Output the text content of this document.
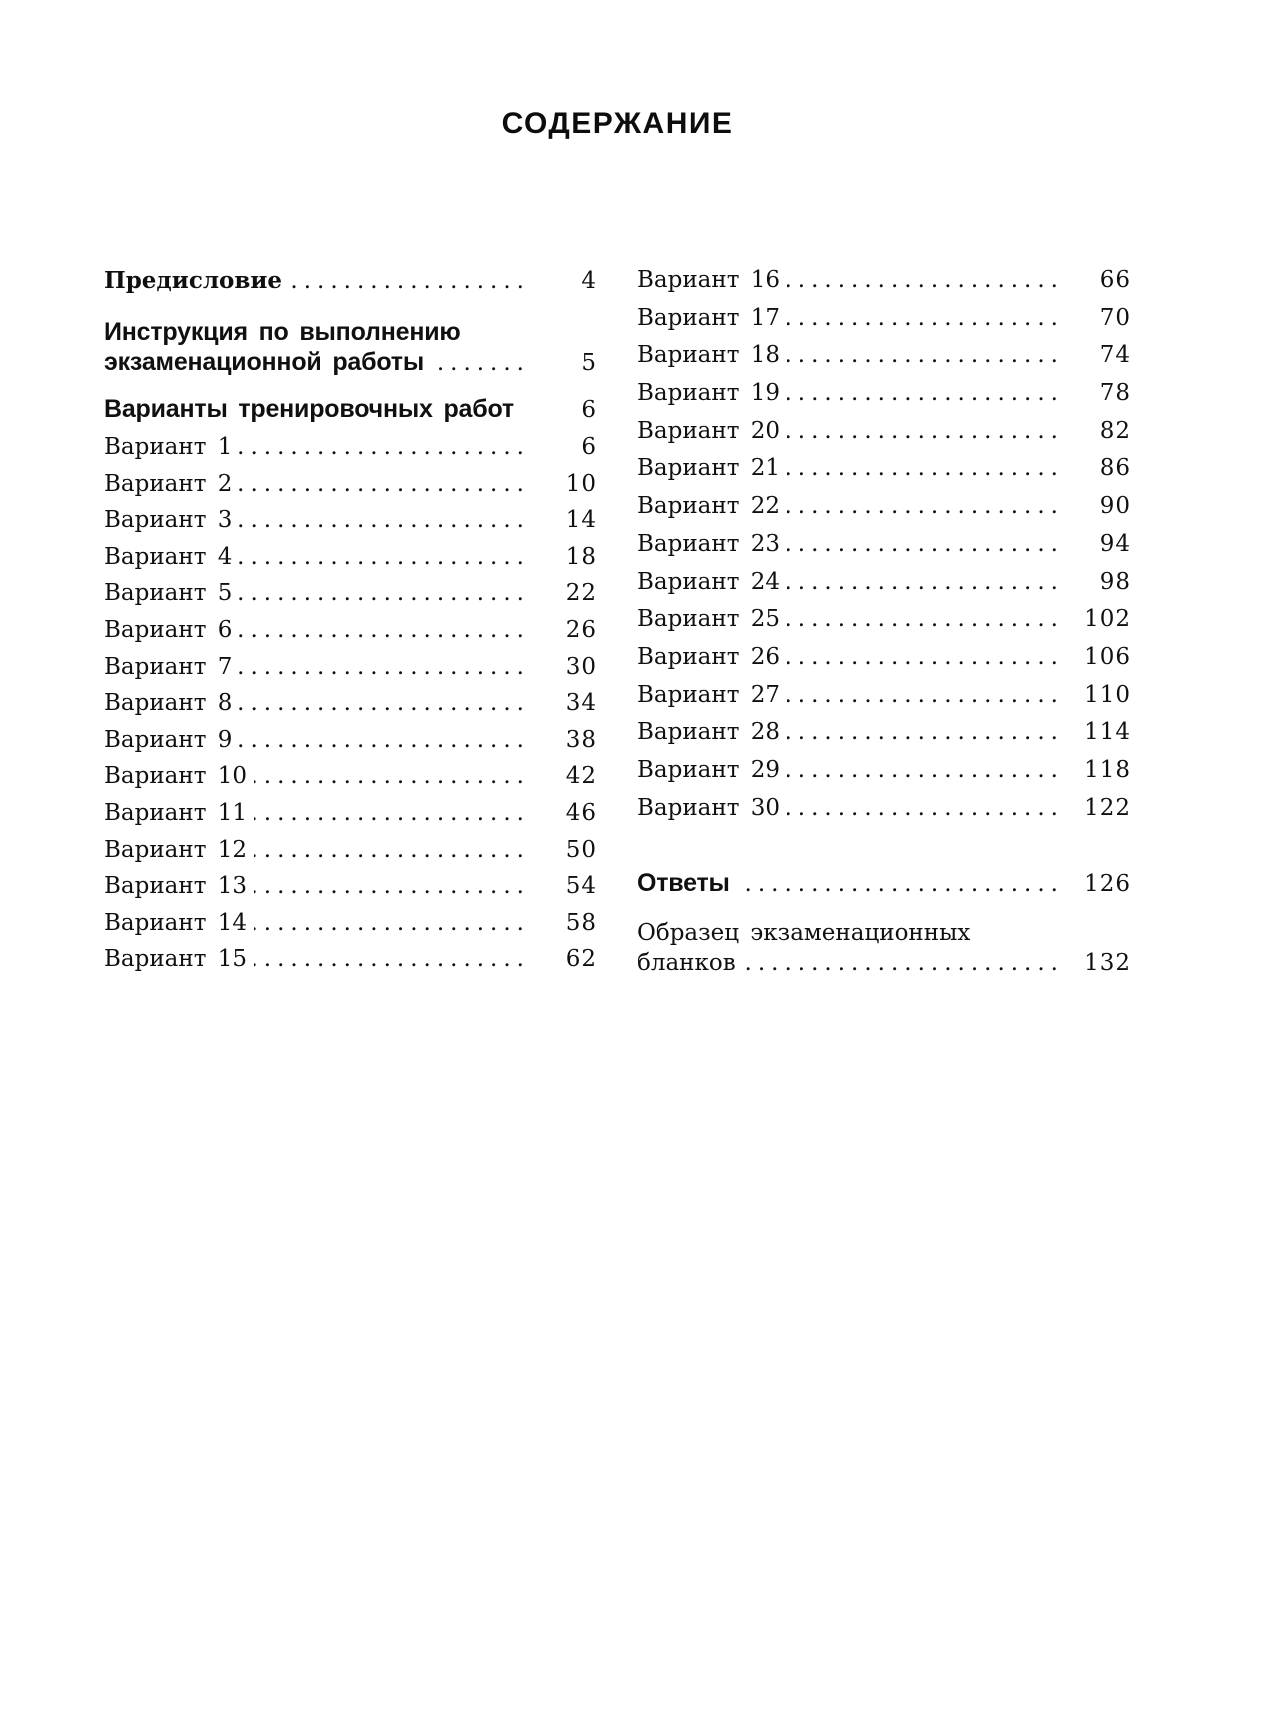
СОДЕРЖАНИЕ
Предисловие .....	4
Инструкция по выполнению
экзаменационной работы .....	5
Варианты тренировочных работ	6
Вариант 1 .....	6
Вариант 2 .....	10
Вариант 3 .....	14
Вариант 4 .....	18
Вариант 5 .....	22
Вариант 6 .....	26
Вариант 7 .....	30
Вариант 8 .....	34
Вариант 9 .....	38
Вариант 10 .....	42
Вариант 11 .....	46
Вариант 12 .....	50
Вариант 13 .....	54
Вариант 14 .....	58
Вариант 15 .....	62
Вариант 16 .....	66
Вариант 17 .....	70
Вариант 18 .....	74
Вариант 19 .....	78
Вариант 20 .....	82
Вариант 21 .....	86
Вариант 22 .....	90
Вариант 23 .....	94
Вариант 24 .....	98
Вариант 25 .....	102
Вариант 26 .....	106
Вариант 27 .....	110
Вариант 28 .....	114
Вариант 29 .....	118
Вариант 30 .....	122
Ответы .....	126
Образец экзаменационных
бланков .....	132
